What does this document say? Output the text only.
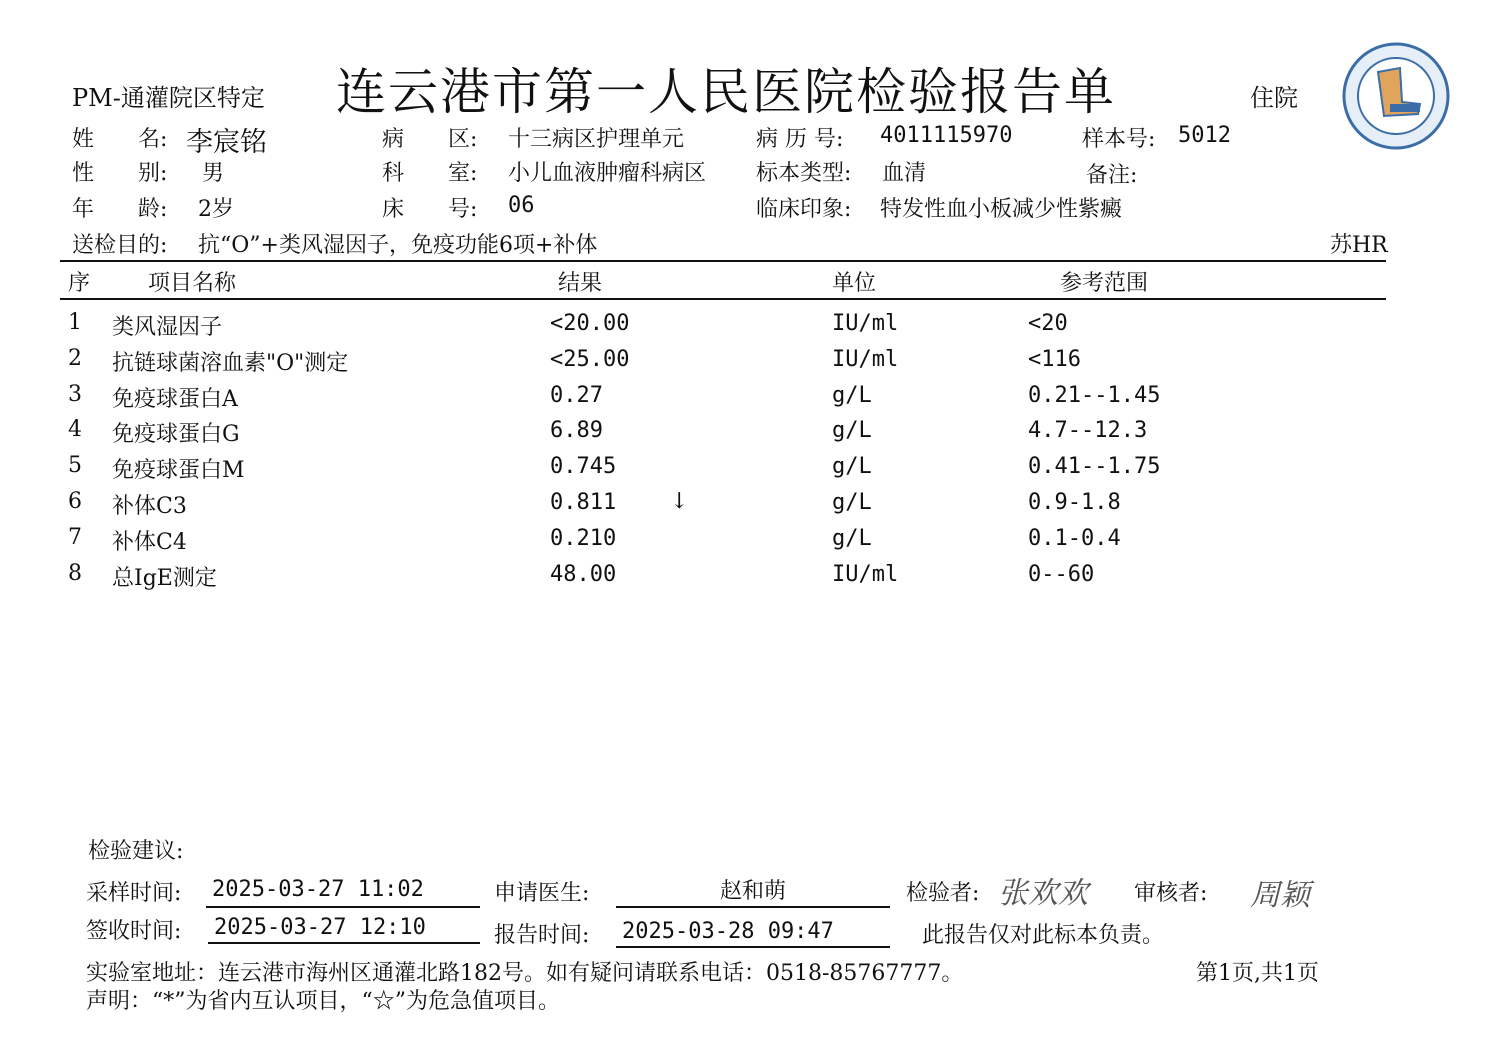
PM-通灌院区特定 连云港市第一人民医院检验报告单	住院
姓　　名: 李宸铭	病　　区: 十三病区护理单元	病 历 号: 4011115970	样本号: 5012
性　　别: 男	科　　室: 小儿血液肿瘤科病区 标本类型: 血清	备注:
年　　龄: 2岁	床　　号: 06	临床印象: 特发性血小板减少性紫癜
送检目的: 抗“O”+类风湿因子，免疫功能6项+补体	苏HR
序	项目名称	结果	单位	参考范围
1 类风湿因子	<20.00	IU/ml	<20
2 抗链球菌溶血素"O"测定	<25.00	IU/ml	<116
3 免疫球蛋白A	0.27	g/L	0.21--1.45
4 免疫球蛋白G	6.89	g/L	4.7--12.3
5 免疫球蛋白M	0.745	g/L	0.41--1.75
6 补体C3	0.811 ↓	g/L	0.9-1.8
7 补体C4	0.210	g/L	0.1-0.4
8 总IgE测定	48.00	IU/ml	0--60
检验建议:
采样时间: 2025-03-27 11:02	申请医生:	赵和萌	检验者: 张欢欢 审核者: 周颖
签收时间: 2025-03-27 12:10	报告时间: 2025-03-28 09:47	此报告仅对此标本负责。
实验室地址：连云港市海州区通灌北路182号。如有疑问请联系电话：0518-85767777。	第1页,共1页
声明：“*”为省内互认项目，“☆”为危急值项目。
